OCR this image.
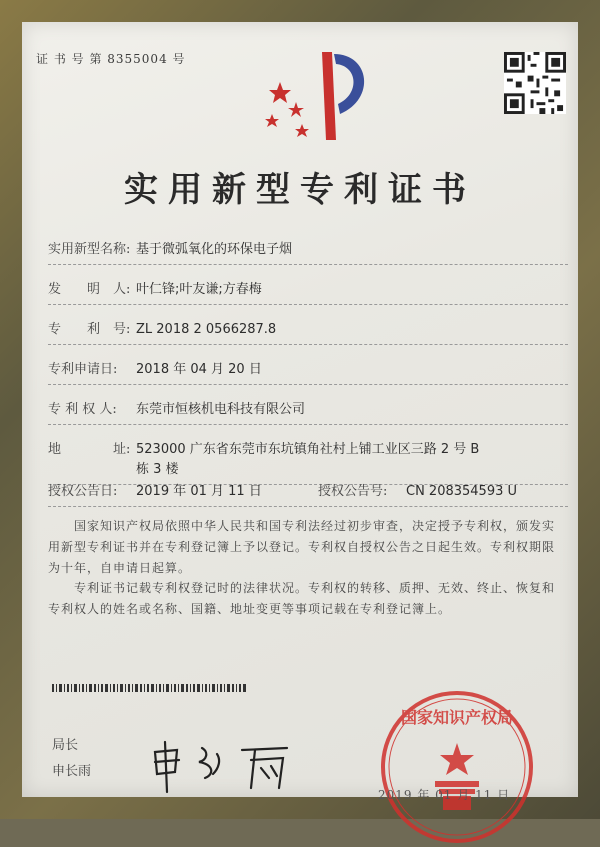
证 书 号 第 8355004 号
实用新型专利证书
实用新型名称: 基于微弧氧化的环保电子烟
发　　明　人: 叶仁锋;叶友谦;方春梅
专　　利　号: ZL 2018 2 0566287.8
专利申请日: 2018 年 04 月 20 日
专 利 权 人: 东莞市恒核机电科技有限公司
地　　　　址: 523000 广东省东莞市东坑镇角社村上铺工业区三路 2 号 B
栋 3 楼
授权公告日: 2019 年 01 月 11 日	授权公告号: CN 208354593 U
国家知识产权局依照中华人民共和国专利法经过初步审查，决定授予专利权，颁发实用新型专利证书并在专利登记簿上予以登记。专利权自授权公告之日起生效。专利权期限为十年，自申请日起算。
专利证书记载专利权登记时的法律状况。专利权的转移、质押、无效、终止、恢复和专利权人的姓名或名称、国籍、地址变更等事项记载在专利登记簿上。
局长
申长雨
国家知识产权局
2019 年 01 月 11 日
